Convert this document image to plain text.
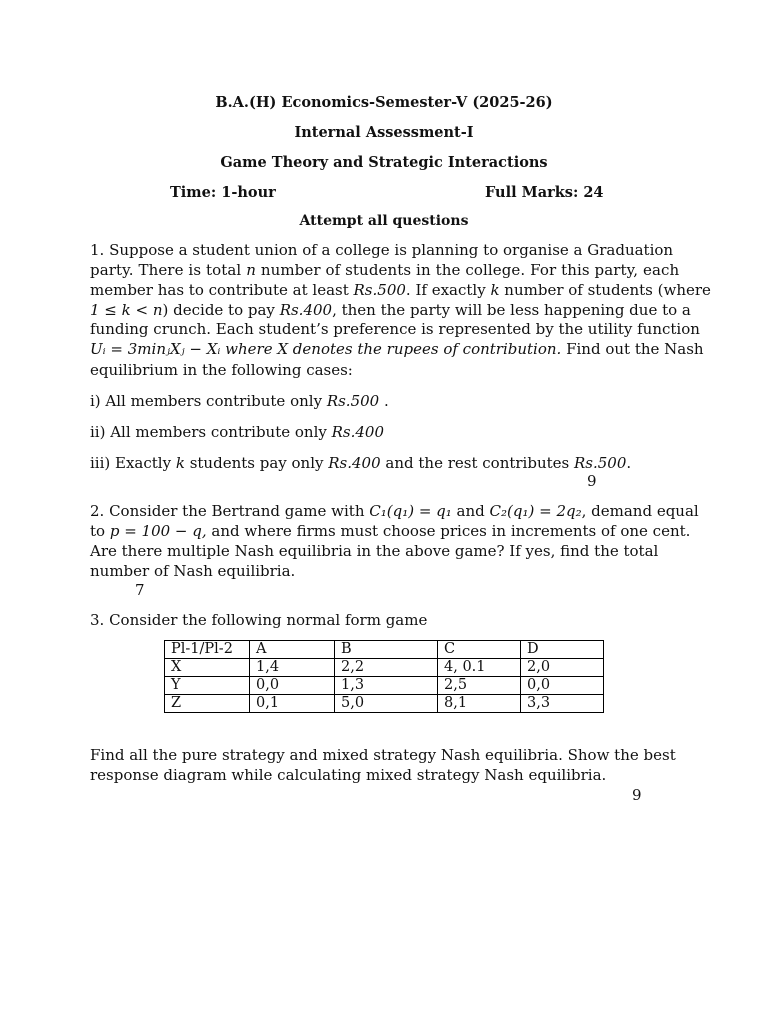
B.A.(H) Economics-Semester-V (2025-26)
Internal Assessment-I
Game Theory and Strategic Interactions
Time: 1-hour	Full Marks: 24
Attempt all questions
1. Suppose a student union of a college is planning to organise a Graduation
party. There is total n number of students in the college. For this party, each
member has to contribute at least Rs.500. If exactly k number of students (where
1 ≤ k < n) decide to pay Rs.400, then the party will be less happening due to a
funding crunch. Each student’s preference is represented by the utility function
Uᵢ = 3minⱼXⱼ − Xᵢ where X denotes the rupees of contribution. Find out the Nash
equilibrium in the following cases:
i) All members contribute only Rs.500 .
ii) All members contribute only Rs.400
iii) Exactly k students pay only Rs.400 and the rest contributes Rs.500.
9
2. Consider the Bertrand game with C₁(q₁) = q₁ and C₂(q₁) = 2q₂, demand equal
to p = 100 − q, and where firms must choose prices in increments of one cent.
Are there multiple Nash equilibria in the above game? If yes, find the total
number of Nash equilibria.
7
3. Consider the following normal form game
Pl-1/Pl-2	A	B	C	D
X	1,4	2,2	4, 0.1	2,0
Y	0,0	1,3	2,5	0,0
Z	0,1	5,0	8,1	3,3
Find all the pure strategy and mixed strategy Nash equilibria. Show the best
response diagram while calculating mixed strategy Nash equilibria.
9
